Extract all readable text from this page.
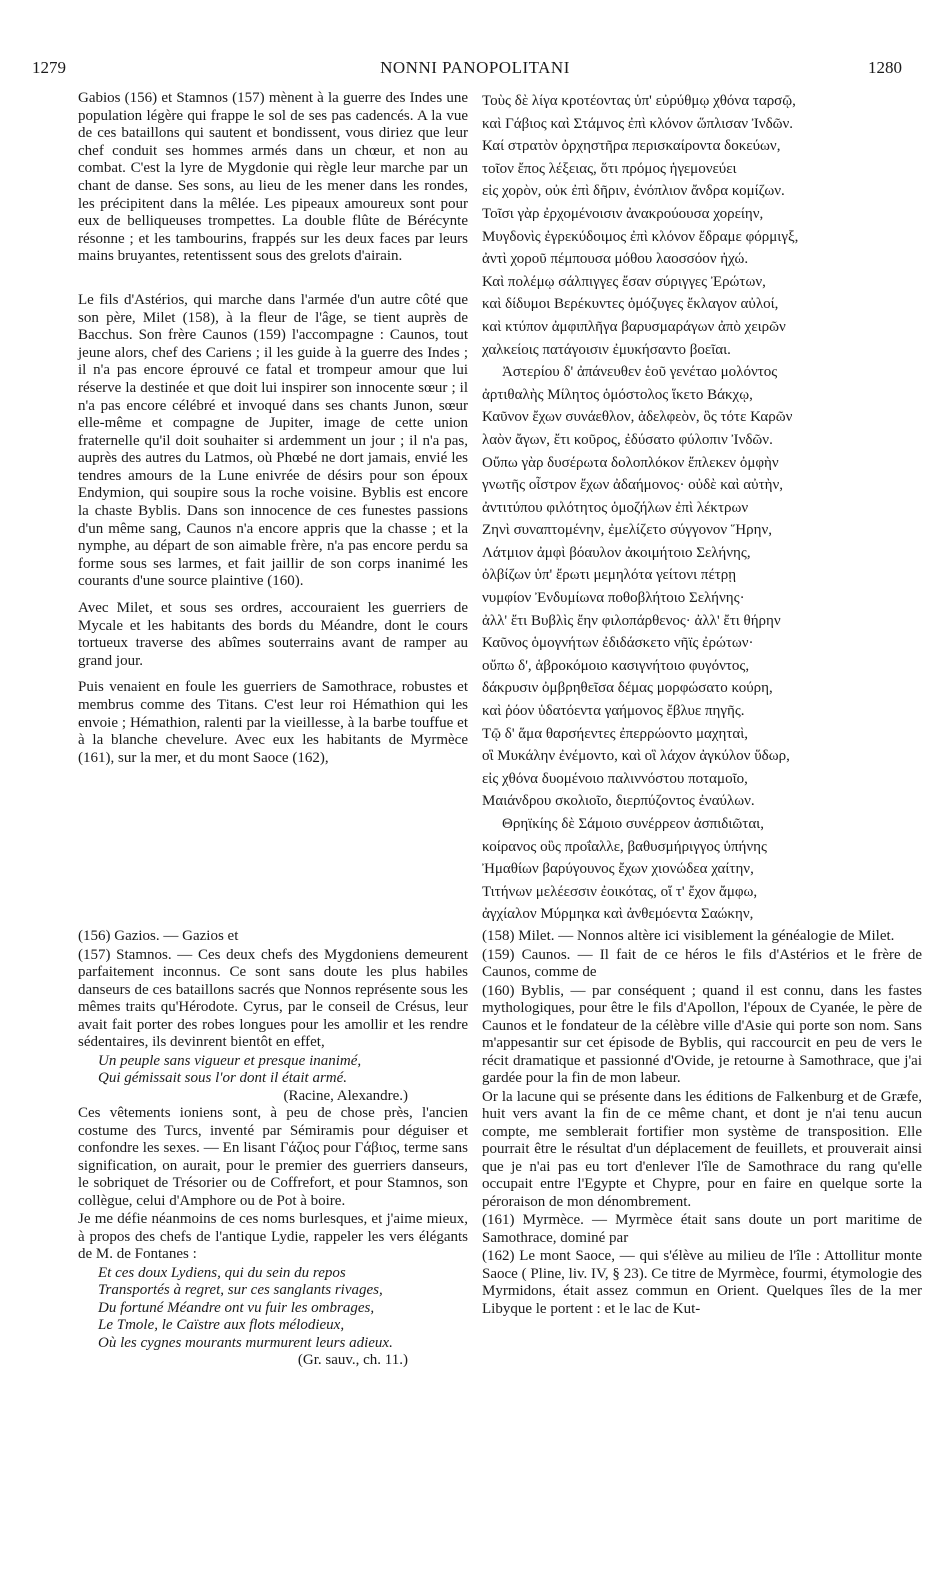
1279	NONNI PANOPOLITANI	1280

Gabios (156) et Stamnos (157) mènent à la guerre des Indes une population légère qui frappe le sol de ses pas cadencés. A la vue de ces bataillons qui sautent et bondissent, vous diriez que leur chef conduit ses hommes armés dans un chœur, et non au combat. C'est la lyre de Mygdonie qui règle leur marche par un chant de danse. Ses sons, au lieu de les mener dans les rondes, les précipitent dans la mêlée. Les pipeaux amoureux sont pour eux de belliqueuses trompettes. La double flûte de Bérécynte résonne ; et les tambourins, frappés sur les deux faces par leurs mains bruyantes, retentissent sous des grelots d'airain.

Le fils d'Astérios, qui marche dans l'armée d'un autre côté que son père, Milet (158), à la fleur de l'âge, se tient auprès de Bacchus. Son frère Caunos (159) l'accompagne : Caunos, tout jeune alors, chef des Cariens ; il les guide à la guerre des Indes ; il n'a pas encore éprouvé ce fatal et trompeur amour que lui réserve la destinée et que doit lui inspirer son innocente sœur ; il n'a pas encore célébré et invoqué dans ses chants Junon, sœur elle-même et compagne de Jupiter, image de cette union fraternelle qu'il doit souhaiter si ardemment un jour ; il n'a pas, auprès des autres du Latmos, où Phœbé ne dort jamais, envié les tendres amours de la Lune enivrée de désirs pour son époux Endymion, qui soupire sous la roche voisine. Byblis est encore la chaste Byblis. Dans son innocence de ces funestes passions d'un même sang, Caunos n'a encore appris que la chasse ; et la nymphe, au départ de son aimable frère, n'a pas encore perdu sa forme sous ses larmes, et fait jaillir de son corps inanimé les courants d'une source plaintive (160).

Avec Milet, et sous ses ordres, accouraient les guerriers de Mycale et les habitants des bords du Méandre, dont le cours tortueux traverse des abîmes souterrains avant de ramper au grand jour.

Puis venaient en foule les guerriers de Samothrace, robustes et membrus comme des Titans. C'est leur roi Hémathion qui les envoie ; Hémathion, ralenti par la vieillesse, à la barbe touffue et à la blanche chevelure. Avec eux les habitants de Myrmèce (161), sur la mer, et du mont Saoce (162),

Τοὺς δὲ λίγα κροτέοντας ὑπ' εὐρύθμῳ χθόνα ταρσῷ,
καὶ Γάβιος καὶ Στάμνος ἐπὶ κλόνον ὥπλισαν Ἰνδῶν.
Καί στρατὸν ὀρχηστῆρα περισκαίροντα δοκεύων,
τοῖον ἔπος λέξειας, ὅτι πρόμος ἡγεμονεύει
εἰς χορὸν, οὐκ ἐπὶ δῆριν, ἐνόπλιον ἄνδρα κομίζων.
Τοῖσι γὰρ ἐρχομένοισιν ἀνακρούουσα χορείην,
Μυγδονὶς ἐγρεκύδοιμος ἐπὶ κλόνον ἔδραμε φόρμιγξ,
ἀντὶ χοροῦ πέμπουσα μόθου λαοσσόον ἠχώ.
Καὶ πολέμῳ σάλπιγγες ἔσαν σύριγγες Ἐρώτων,
καὶ δίδυμοι Βερέκυντες ὁμόζυγες ἔκλαγον αὐλοί,
καὶ κτύπον ἀμφιπλῆγα βαρυσμαράγων ἀπὸ χειρῶν
χαλκείοις πατάγοισιν ἐμυκήσαντο βοεῖαι.
Ἀστερίου δ' ἀπάνευθεν ἑοῦ γενέταο μολόντος
ἀρτιθαλὴς Μίλητος ὁμόστολος ἵκετο Βάκχῳ,
Καῦνον ἔχων συνάεθλον, ἀδελφεὸν, ὃς τότε Καρῶν
λαὸν ἄγων, ἔτι κοῦρος, ἐδύσατο φύλοπιν Ἰνδῶν.
Οὔπω γὰρ δυσέρωτα δολοπλόκον ἔπλεκεν ὀμφὴν
γνωτῆς οἶστρον ἔχων ἀδαήμονος· οὐδὲ καὶ αὐτὴν,
ἀντιτύπου φιλότητος ὁμοζήλων ἐπὶ λέκτρων
Ζηνὶ συναπτομένην, ἐμελίζετο σύγγονον Ἥρην,
Λάτμιον ἀμφὶ βόαυλον ἀκοιμήτοιο Σελήνης,
ὀλβίζων ὑπ' ἔρωτι μεμηλότα γείτονι πέτρῃ
νυμφίον Ἐνδυμίωνα ποθοβλήτοιο Σελήνης·
ἀλλ' ἔτι Βυβλὶς ἔην φιλοπάρθενος· ἀλλ' ἔτι θήρην
Καῦνος ὁμογνήτων ἐδιδάσκετο νῆϊς ἐρώτων·
οὔπω δ', ἁβροκόμοιο κασιγνήτοιο φυγόντος,
δάκρυσιν ὀμβρηθεῖσα δέμας μορφώσατο κούρη,
καὶ ῥόον ὑδατόεντα γαήμονος ἔβλυε πηγῆς.
Τῷ δ' ἅμα θαρσήεντες ἐπερρώοντο μαχηταὶ,
οἳ Μυκάλην ἐνέμοντο, καὶ οἳ λάχον ἀγκύλον ὕδωρ,
εἰς χθόνα δυομένοιο παλιννόστου ποταμοῖο,
Μαιάνδρου σκολιοῖο, διερπύζοντος ἐναύλων.
Θρηϊκίης δὲ Σάμοιο συνέρρεον ἀσπιδιῶται,
κοίρανος οὓς προΐαλλε, βαθυσμήριγγος ὑπήνης
Ἠμαθίων βαρύγουνος ἔχων χιονώδεα χαίτην,
Τιτήνων μελέεσσιν ἐοικότας, οἵ τ' ἔχον ἄμφω,
ἀγχίαλον Μύρμηκα καὶ ἀνθεμόεντα Σαώκην,

(156) Gazios. — Gazios et

(157) Stamnos. — Ces deux chefs des Mygdoniens demeurent parfaitement inconnus. Ce sont sans doute les plus habiles danseurs de ces bataillons sacrés que Nonnos représente sous les mêmes traits qu'Hérodote. Cyrus, par le conseil de Crésus, leur avait fait porter des robes longues pour les amollir et les rendre sédentaires, ils devinrent bientôt en effet,

Un peuple sans vigueur et presque inanimé,
Qui gémissait sous l'or dont il était armé.
(Racine, Alexandre.)

Ces vêtements ioniens sont, à peu de chose près, l'ancien costume des Turcs, inventé par Sémiramis pour déguiser et confondre les sexes. — En lisant Γάζιος pour Γάβιος, terme sans signification, on aurait, pour le premier des guerriers danseurs, le sobriquet de Trésorier ou de Coffrefort, et pour Stamnos, son collègue, celui d'Amphore ou de Pot à boire.

Je me défie néanmoins de ces noms burlesques, et j'aime mieux, à propos des chefs de l'antique Lydie, rappeler les vers élégants de M. de Fontanes :

Et ces doux Lydiens, qui du sein du repos
Transportés à regret, sur ces sanglants rivages,
Du fortuné Méandre ont vu fuir les ombrages,
Le Tmole, le Caïstre aux flots mélodieux,
Où les cygnes mourants murmurent leurs adieux.
(Gr. sauv., ch. 11.)

(158) Milet. — Nonnos altère ici visiblement la généalogie de Milet.

(159) Caunos. — Il fait de ce héros le fils d'Astérios et le frère de Caunos, comme de

(160) Byblis, — par conséquent ; quand il est connu, dans les fastes mythologiques, pour être le fils d'Apollon, l'époux de Cyanée, le père de Caunos et le fondateur de la célèbre ville d'Asie qui porte son nom. Sans m'appesantir sur cet épisode de Byblis, qui raccourcit en peu de vers le récit dramatique et passionné d'Ovide, je retourne à Samothrace, que j'ai gardée pour la fin de mon labeur.

Or la lacune qui se présente dans les éditions de Falkenburg et de Græfe, huit vers avant la fin de ce même chant, et dont je n'ai tenu aucun compte, me semblerait fortifier mon système de transposition. Elle pourrait être le résultat d'un déplacement de feuillets, et prouverait ainsi que je n'ai pas eu tort d'enlever l'île de Samothrace du rang qu'elle occupait entre l'Egypte et Chypre, pour en faire en quelque sorte la péroraison de mon dénombrement.

(161) Myrmèce. — Myrmèce était sans doute un port maritime de Samothrace, dominé par

(162) Le mont Saoce, — qui s'élève au milieu de l'île : Attollitur monte Saoce ( Pline, liv. IV, § 23). Ce titre de Myrmèce, fourmi, étymologie des Myrmidons, était assez commun en Orient. Quelques îles de la mer Libyque le portent : et le lac de Kut-
